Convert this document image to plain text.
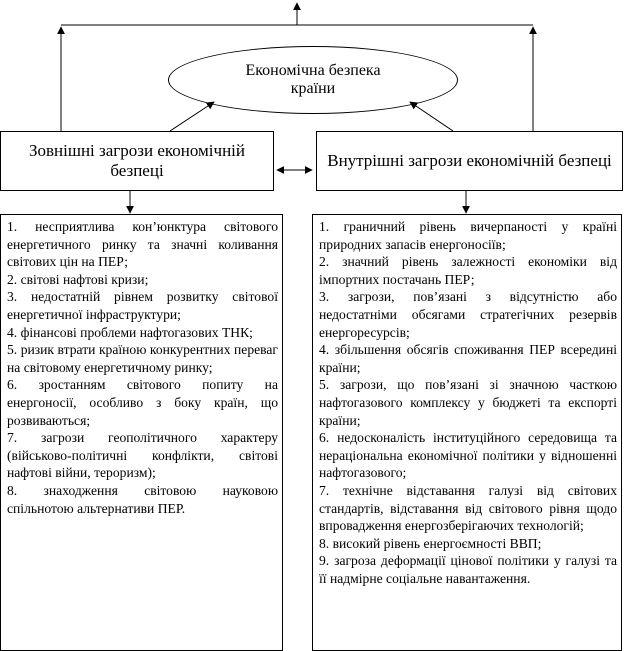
Економічна безпека країни
Зовнішні загрози економічній безпеці
Внутрішні загрози економічній безпеці

1. несприятлива кон’юнктура світового енергетичного ринку та значні коливання світових цін на ПЕР;

2. світові нафтові кризи;

3. недостатній рівнем розвитку світової енергетичної інфраструктури;

4. фінансові проблеми нафтогазових ТНК;

5. ризик втрати країною конкурентних переваг на світовому енергетичному ринку;

6. зростанням світового попиту на енергоносії, особливо з боку країн, що розвиваються;

7. загрози геополітичного характеру (військово-політичні конфлікти, світові нафтові війни, тероризм);

8. знаходження світовою науковою спільнотою альтернативи ПЕР.

1. граничний рівень вичерпаності у країні природних запасів енергоносіїв;

2. значний рівень залежності економіки від імпортних постачань ПЕР;

3. загрози, пов’язані з відсутністю або недостатніми обсягами стратегічних резервів енергоресурсів;

4. збільшення обсягів споживання ПЕР всередині країни;

5. загрози, що пов’язані зі значною часткою нафтогазового комплексу у бюджеті та експорті країни;

6. недосконалість інституційного середовища та нераціональна економічної політики у відношенні нафтогазового;

7. технічне відставання галузі від світових стандартів, відставання від світового рівня щодо впровадження енергозберігаючих технологій;

8. високий рівень енергоємності ВВП;

9. загроза деформації цінової політики у галузі та її надмірне соціальне навантаження.
